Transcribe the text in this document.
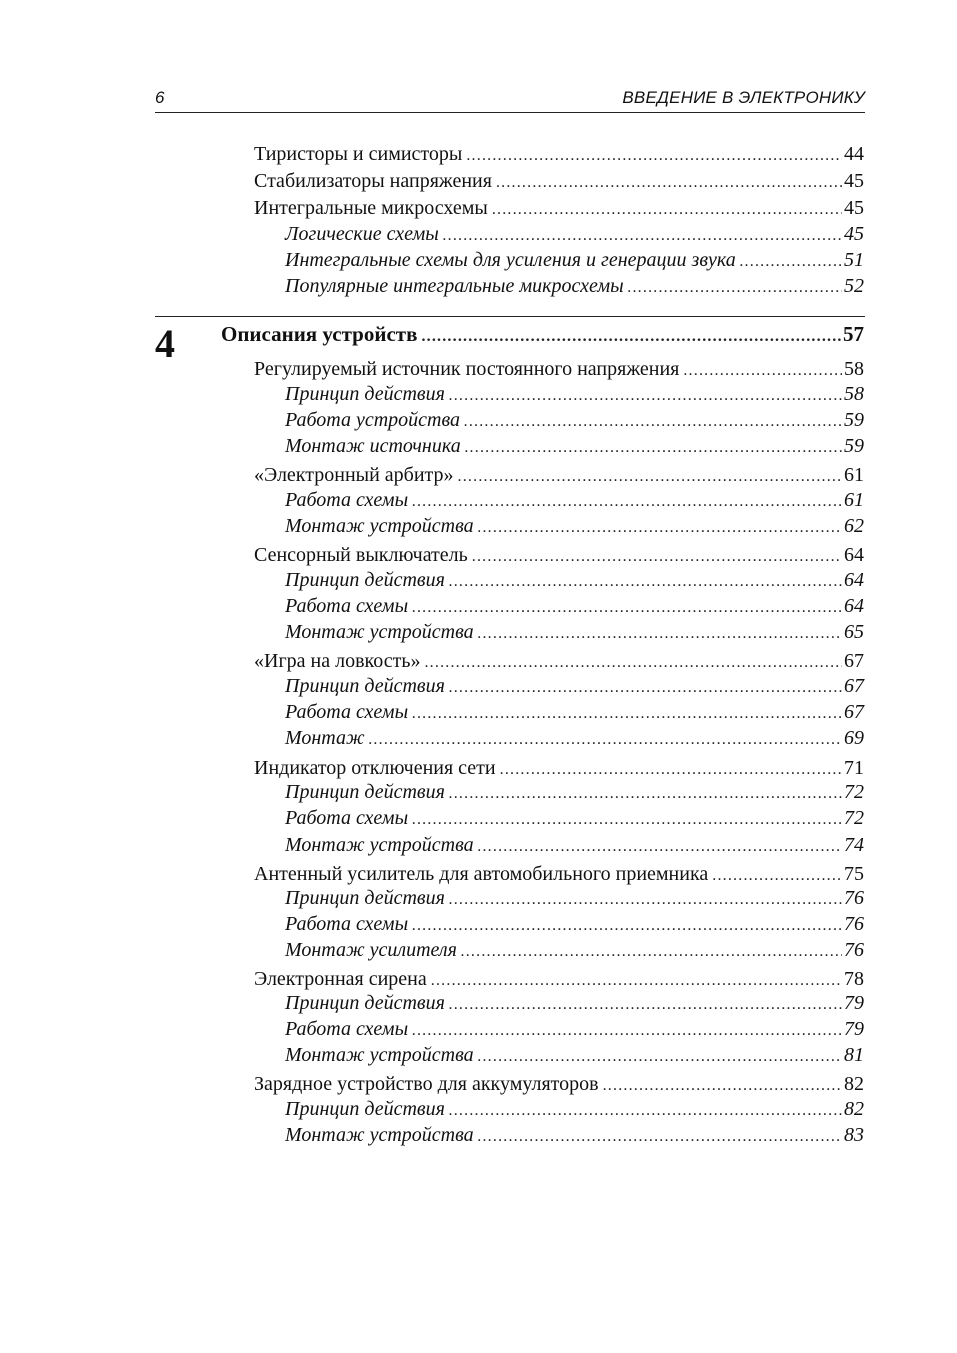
6	ВВЕДЕНИЕ В ЭЛЕКТРОНИКУ
Тиристоры и симисторы .....	44
Стабилизаторы напряжения .....	45
Интегральные микросхемы .....	45
Логические схемы .....	45
Интегральные схемы для усиления и генерации звука .....	51
Популярные интегральные микросхемы .....	52
4 Описания устройств .....	57
Регулируемый источник постоянного напряжения .....	58
Принцип действия .....	58
Работа устройства .....	59
Монтаж источника .....	59
«Электронный арбитр» .....	61
Работа схемы .....	61
Монтаж устройства .....	62
Сенсорный выключатель .....	64
Принцип действия .....	64
Работа схемы .....	64
Монтаж устройства .....	65
«Игра на ловкость» .....	67
Принцип действия .....	67
Работа схемы .....	67
Монтаж .....	69
Индикатор отключения сети .....	71
Принцип действия .....	72
Работа схемы .....	72
Монтаж устройства .....	74
Антенный усилитель для автомобильного приемника .....	75
Принцип действия .....	76
Работа схемы .....	76
Монтаж усилителя .....	76
Электронная сирена .....	78
Принцип действия .....	79
Работа схемы .....	79
Монтаж устройства .....	81
Зарядное устройство для аккумуляторов .....	82
Принцип действия .....	82
Монтаж устройства .....	83
